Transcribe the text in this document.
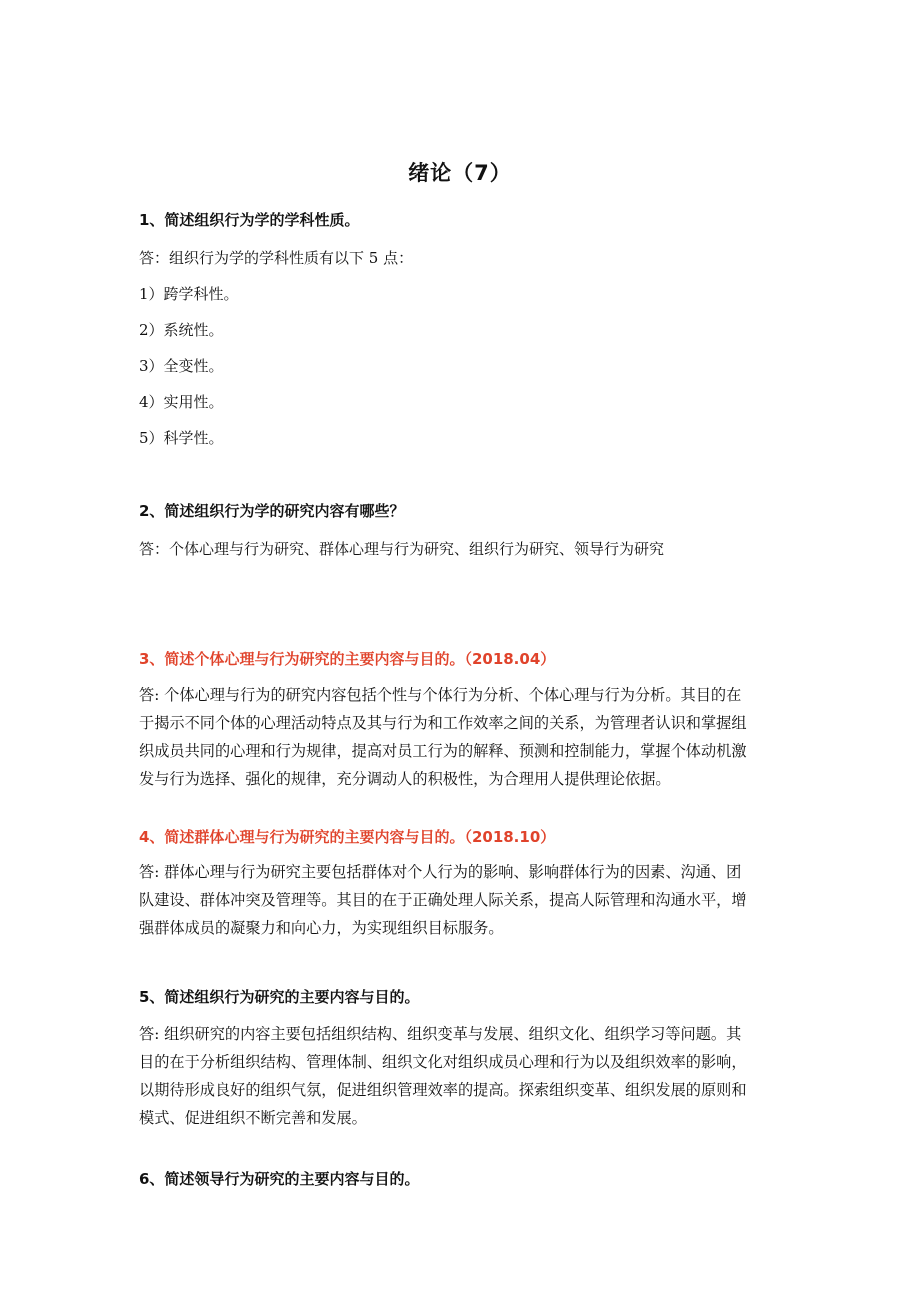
绪论（7）
1、简述组织行为学的学科性质。
答：组织行为学的学科性质有以下 5 点：
1）跨学科性。
2）系统性。
3）全变性。
4）实用性。
5）科学性。
2、简述组织行为学的研究内容有哪些？
答：个体心理与行为研究、群体心理与行为研究、组织行为研究、领导行为研究
3、简述个体心理与行为研究的主要内容与目的。（2018.04）
答: 个体心理与行为的研究内容包括个性与个体行为分析、个体心理与行为分析。其目的在
于揭示不同个体的心理活动特点及其与行为和工作效率之间的关系，为管理者认识和掌握组
织成员共同的心理和行为规律，提高对员工行为的解释、预测和控制能力，掌握个体动机激
发与行为选择、强化的规律，充分调动人的积极性，为合理用人提供理论依据。
4、简述群体心理与行为研究的主要内容与目的。（2018.10）
答: 群体心理与行为研究主要包括群体对个人行为的影响、影响群体行为的因素、沟通、团
队建设、群体冲突及管理等。其目的在于正确处理人际关系，提高人际管理和沟通水平，增
强群体成员的凝聚力和向心力，为实现组织目标服务。
5、简述组织行为研究的主要内容与目的。
答: 组织研究的内容主要包括组织结构、组织变革与发展、组织文化、组织学习等问题。其
目的在于分析组织结构、管理体制、组织文化对组织成员心理和行为以及组织效率的影响，
以期待形成良好的组织气氛，促进组织管理效率的提高。探索组织变革、组织发展的原则和
模式、促进组织不断完善和发展。
6、简述领导行为研究的主要内容与目的。
